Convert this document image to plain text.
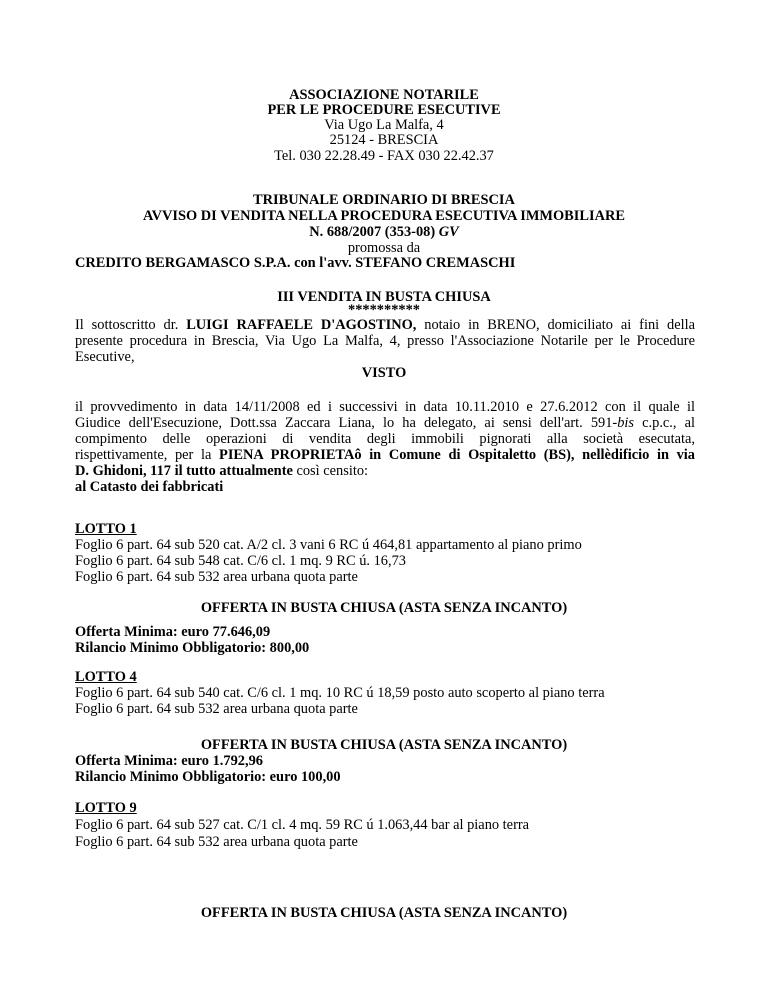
ASSOCIAZIONE NOTARILE
PER LE PROCEDURE ESECUTIVE
Via Ugo La Malfa, 4
25124 - BRESCIA
Tel. 030 22.28.49 - FAX 030 22.42.37
TRIBUNALE ORDINARIO DI BRESCIA
AVVISO DI VENDITA NELLA PROCEDURA ESECUTIVA IMMOBILIARE
N. 688/2007 (353-08) GV
promossa da
CREDITO BERGAMASCO S.P.A. con l'avv. STEFANO CREMASCHI
III VENDITA IN BUSTA CHIUSA
**********
Il sottoscritto dr. LUIGI RAFFAELE D'AGOSTINO, notaio in BRENO, domiciliato ai fini della
presente procedura in Brescia, Via Ugo La Malfa, 4, presso l'Associazione Notarile per le Procedure
Esecutive,
VISTO
il provvedimento in data 14/11/2008 ed i successivi in data 10.11.2010 e 27.6.2012 con il quale il
Giudice dell'Esecuzione, Dott.ssa Zaccara Liana, lo ha delegato, ai sensi dell'art. 591-bis c.p.c., al
compimento delle operazioni di vendita degli immobili pignorati alla società esecutata,
rispettivamente, per la PIENA PROPRIETAô in Comune di Ospitaletto (BS), nellèdificio in via
D. Ghidoni, 117 il tutto attualmente così censito:
al Catasto dei fabbricati
LOTTO 1
Foglio 6 part. 64 sub 520 cat. A/2 cl. 3 vani 6 RC ú 464,81 appartamento al piano primo
Foglio 6 part. 64 sub 548 cat. C/6 cl. 1 mq. 9 RC ú. 16,73
Foglio 6 part. 64 sub 532 area urbana quota parte
OFFERTA IN BUSTA CHIUSA (ASTA SENZA INCANTO)
Offerta Minima: euro 77.646,09
Rilancio Minimo Obbligatorio: 800,00
LOTTO 4
Foglio 6 part. 64 sub 540 cat. C/6 cl. 1 mq. 10 RC ú 18,59 posto auto scoperto al piano terra
Foglio 6 part. 64 sub 532 area urbana quota parte
OFFERTA IN BUSTA CHIUSA (ASTA SENZA INCANTO)
Offerta Minima: euro 1.792,96
Rilancio Minimo Obbligatorio: euro 100,00
LOTTO 9
Foglio 6 part. 64 sub 527 cat. C/1 cl. 4 mq. 59 RC ú 1.063,44 bar al piano terra
Foglio 6 part. 64 sub 532 area urbana quota parte
OFFERTA IN BUSTA CHIUSA (ASTA SENZA INCANTO)
